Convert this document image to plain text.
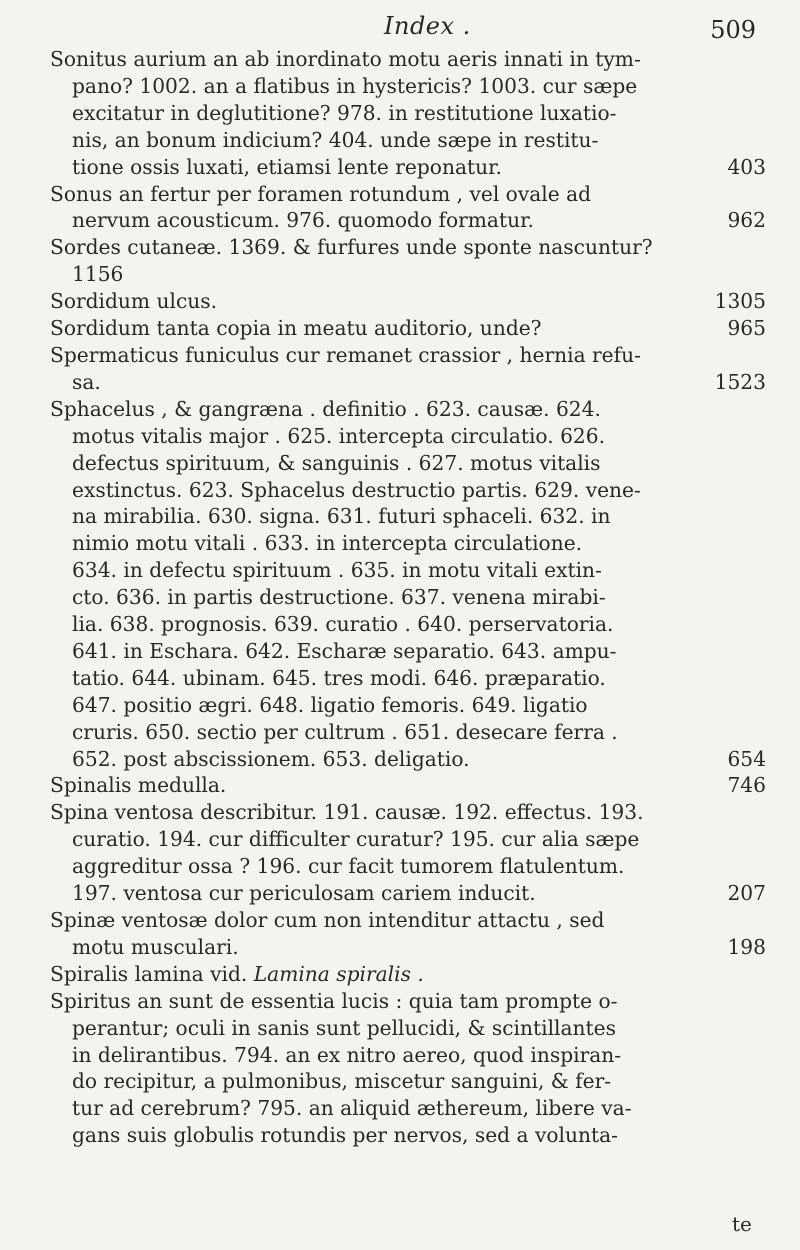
Index .	509
Sonitus aurium an ab inordinato motu aeris innati in tym-
pano? 1002. an a flatibus in hystericis? 1003. cur sæpe
excitatur in deglutitione? 978. in restitutione luxatio-
nis, an bonum indicium? 404. unde sæpe in restitu-
403
tione ossis luxati, etiamsi lente reponatur.
Sonus an fertur per foramen rotundum , vel ovale ad
962
nervum acousticum. 976. quomodo formatur.
Sordes cutaneæ. 1369. & furfures unde sponte nascuntur?
1156
1305
Sordidum ulcus.
965
Sordidum tanta copia in meatu auditorio, unde?
Spermaticus funiculus cur remanet crassior , hernia refu-
1523
sa.
Sphacelus , & gangræna . definitio . 623. causæ. 624.
motus vitalis major . 625. intercepta circulatio. 626.
defectus spirituum, & sanguinis . 627. motus vitalis
exstinctus. 623. Sphacelus destructio partis. 629. vene-
na mirabilia. 630. signa. 631. futuri sphaceli. 632. in
nimio motu vitali . 633. in intercepta circulatione.
634. in defectu spirituum . 635. in motu vitali extin-
cto. 636. in partis destructione. 637. venena mirabi-
lia. 638. prognosis. 639. curatio . 640. perservatoria.
641. in Eschara. 642. Escharæ separatio. 643. ampu-
tatio. 644. ubinam. 645. tres modi. 646. præparatio.
647. positio ægri. 648. ligatio femoris. 649. ligatio
cruris. 650. sectio per cultrum . 651. desecare ferra .
654
652. post abscissionem. 653. deligatio.
746
Spinalis medulla.
Spina ventosa describitur. 191. causæ. 192. effectus. 193.
curatio. 194. cur difficulter curatur? 195. cur alia sæpe
aggreditur ossa ? 196. cur facit tumorem flatulentum.
207
197. ventosa cur periculosam cariem inducit.
Spinæ ventosæ dolor cum non intenditur attactu , sed
198
motu musculari.
Spiralis lamina vid. Lamina spiralis .
Spiritus an sunt de essentia lucis : quia tam prompte o-
perantur; oculi in sanis sunt pellucidi, & scintillantes
in delirantibus. 794. an ex nitro aereo, quod inspiran-
do recipitur, a pulmonibus, miscetur sanguini, & fer-
tur ad cerebrum? 795. an aliquid æthereum, libere va-
gans suis globulis rotundis per nervos, sed a volunta-
te
